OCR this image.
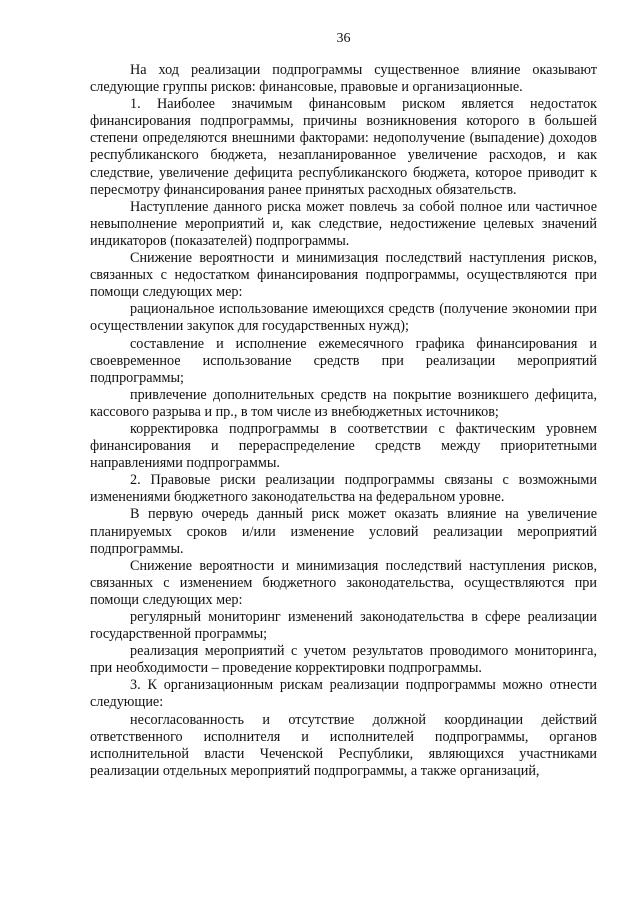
36

На ход реализации подпрограммы существенное влияние оказывают следующие группы рисков: финансовые, правовые и организационные.

1. Наиболее значимым финансовым риском является недостаток финансирования подпрограммы, причины возникновения которого в большей степени определяются внешними факторами: недополучение (выпадение) доходов республиканского бюджета, незапланированное увеличение расходов, и как следствие, увеличение дефицита республиканского бюджета, которое приводит к пересмотру финансирования ранее принятых расходных обязательств.

Наступление данного риска может повлечь за собой полное или частичное невыполнение мероприятий и, как следствие, недостижение целевых значений индикаторов (показателей) подпрограммы.

Снижение вероятности и минимизация последствий наступления рисков, связанных с недостатком финансирования подпрограммы, осуществляются при помощи следующих мер:

рациональное использование имеющихся средств (получение экономии при осуществлении закупок для государственных нужд);

составление и исполнение ежемесячного графика финансирования и своевременное использование средств при реализации мероприятий подпрограммы;

привлечение дополнительных средств на покрытие возникшего дефицита, кассового разрыва и пр., в том числе из внебюджетных источников;

корректировка подпрограммы в соответствии с фактическим уровнем финансирования и перераспределение средств между приоритетными направлениями подпрограммы.

2. Правовые риски реализации подпрограммы связаны с возможными изменениями бюджетного законодательства на федеральном уровне.

В первую очередь данный риск может оказать влияние на увеличение планируемых сроков и/или изменение условий реализации мероприятий подпрограммы.

Снижение вероятности и минимизация последствий наступления рисков, связанных с изменением бюджетного законодательства, осуществляются при помощи следующих мер:

регулярный мониторинг изменений законодательства в сфере реализации государственной программы;

реализация мероприятий с учетом результатов проводимого мониторинга, при необходимости – проведение корректировки подпрограммы.

3. К организационным рискам реализации подпрограммы можно отнести следующие:

несогласованность и отсутствие должной координации действий ответственного исполнителя и исполнителей подпрограммы, органов исполнительной власти Чеченской Республики, являющихся участниками реализации отдельных мероприятий подпрограммы, а также организаций,
